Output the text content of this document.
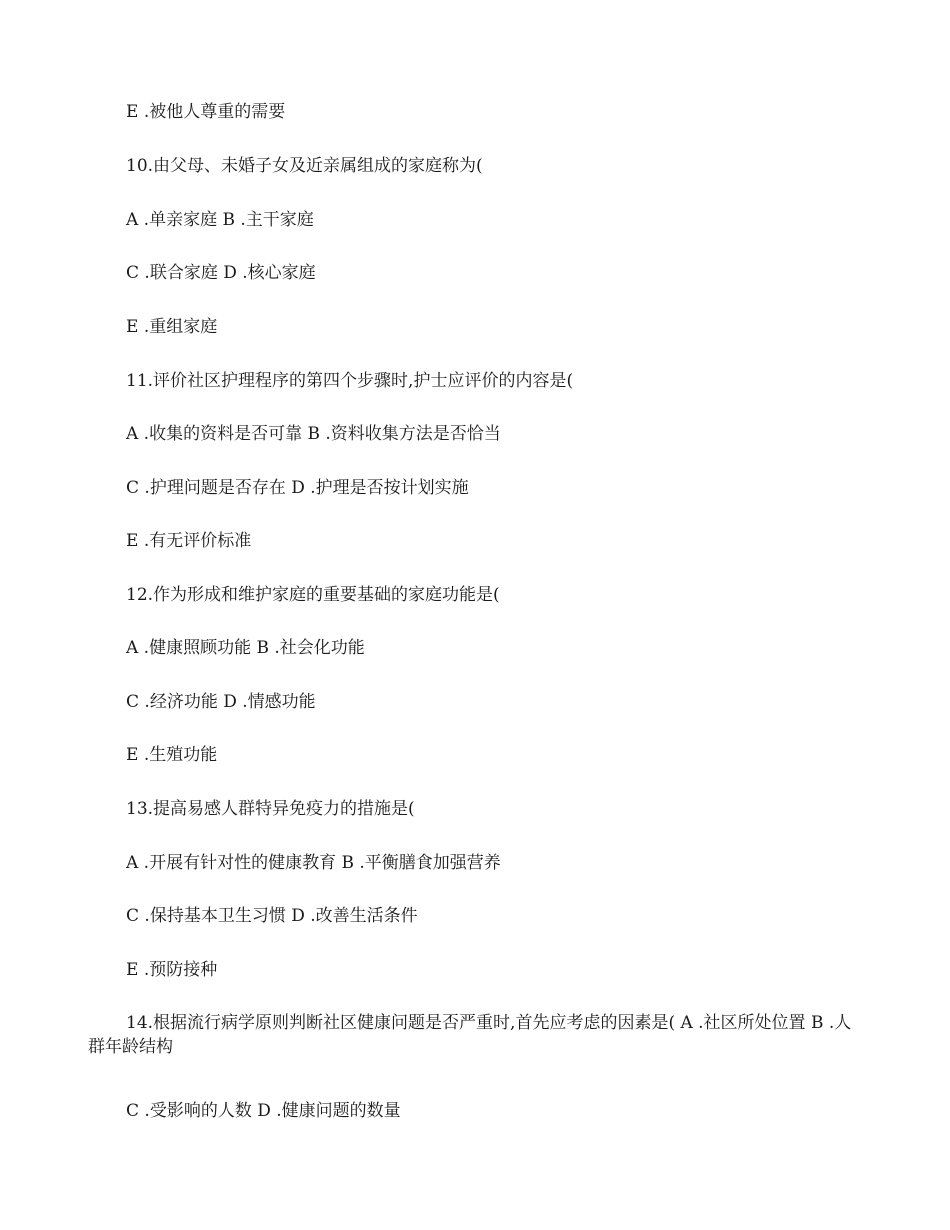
E .被他人尊重的需要
10.由父母、未婚子女及近亲属组成的家庭称为(
A .单亲家庭 B .主干家庭
C .联合家庭 D .核心家庭
E .重组家庭
11.评价社区护理程序的第四个步骤时,护士应评价的内容是(
A .收集的资料是否可靠 B .资料收集方法是否恰当
C .护理问题是否存在 D .护理是否按计划实施
E .有无评价标准
12.作为形成和维护家庭的重要基础的家庭功能是(
A .健康照顾功能 B .社会化功能
C .经济功能 D .情感功能
E .生殖功能
13.提高易感人群特异免疫力的措施是(
A .开展有针对性的健康教育 B .平衡膳食加强营养
C .保持基本卫生习惯 D .改善生活条件
E .预防接种
14.根据流行病学原则判断社区健康问题是否严重时,首先应考虑的因素是( A .社区所处位置 B .人群年龄结构
C .受影响的人数 D .健康问题的数量
